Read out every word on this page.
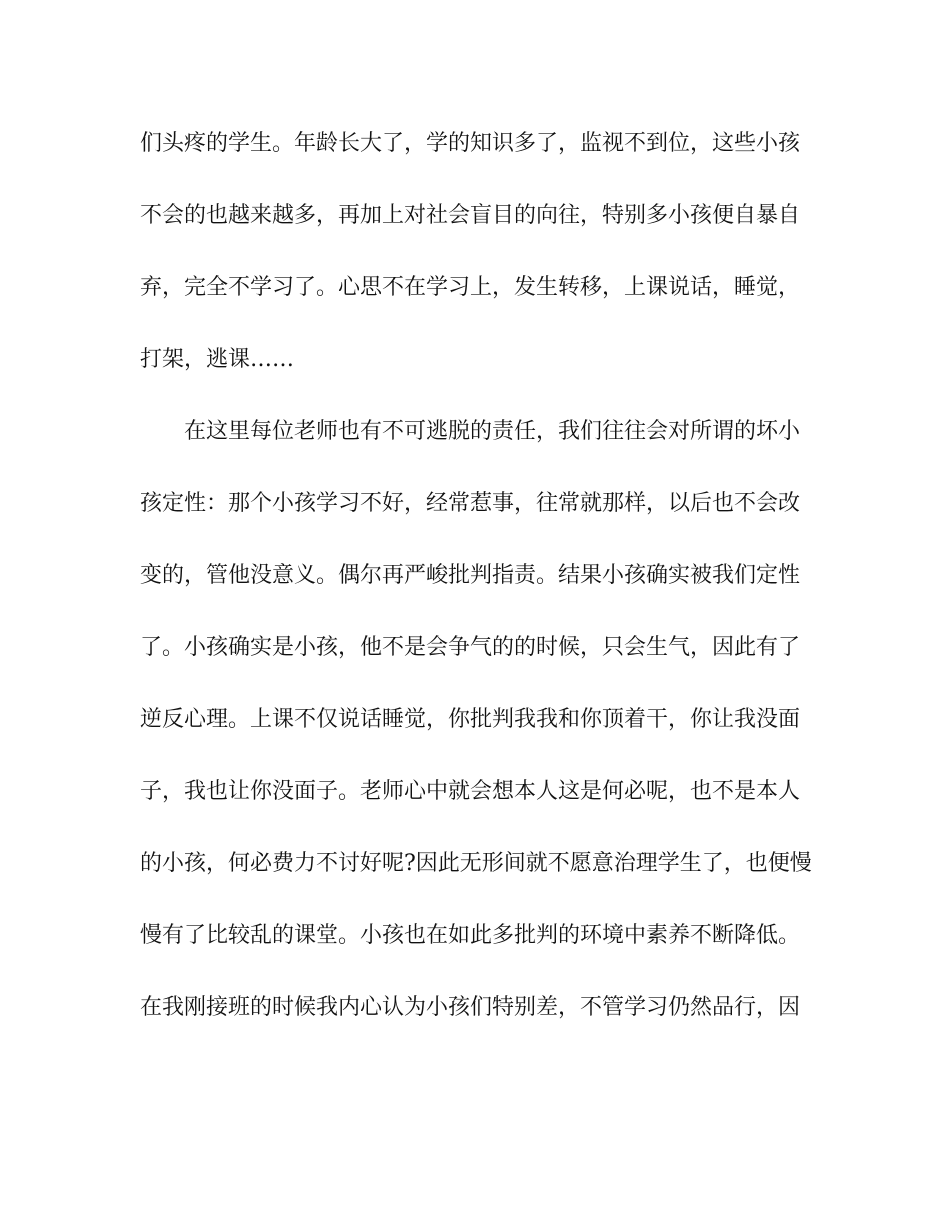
们头疼的学生。年龄长大了，学的知识多了，监视不到位，这些小孩
不会的也越来越多，再加上对社会盲目的向往，特别多小孩便自暴自
弃，完全不学习了。心思不在学习上，发生转移，上课说话，睡觉，
打架，逃课……
在这里每位老师也有不可逃脱的责任，我们往往会对所谓的坏小
孩定性：那个小孩学习不好，经常惹事，往常就那样，以后也不会改
变的，管他没意义。偶尔再严峻批判指责。结果小孩确实被我们定性
了。小孩确实是小孩，他不是会争气的的时候，只会生气，因此有了
逆反心理。上课不仅说话睡觉，你批判我我和你顶着干，你让我没面
子，我也让你没面子。老师心中就会想本人这是何必呢，也不是本人
的小孩，何必费力不讨好呢?因此无形间就不愿意治理学生了，也便慢
慢有了比较乱的课堂。小孩也在如此多批判的环境中素养不断降低。
在我刚接班的时候我内心认为小孩们特别差，不管学习仍然品行，因
